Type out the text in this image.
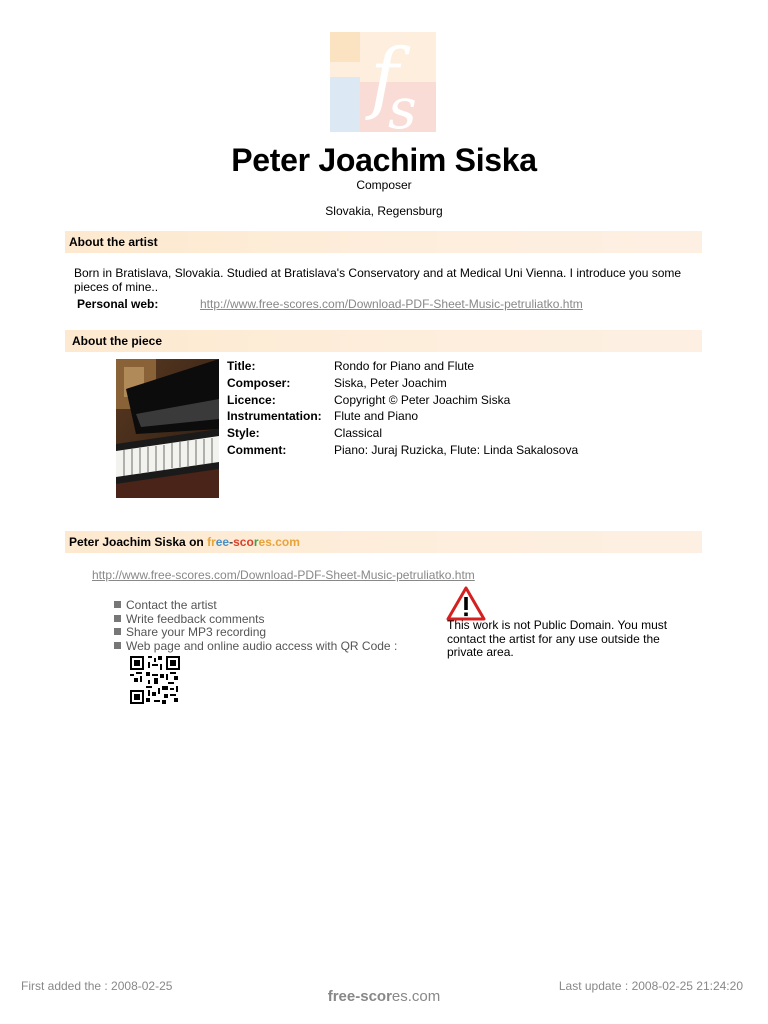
f
s
Peter Joachim Siska
Composer
Slovakia, Regensburg
About the artist
Born in Bratislava, Slovakia. Studied at Bratislava's Conservatory and at Medical Uni Vienna. I introduce you some pieces of mine..
Personal web:	http://www.free-scores.com/Download-PDF-Sheet-Music-petruliatko.htm
About the piece
Title:	Rondo for Piano and Flute
Composer:	Siska, Peter Joachim
Licence:	Copyright © Peter Joachim Siska
Instrumentation: Flute and Piano
Style:	Classical
Comment:	Piano: Juraj Ruzicka, Flute: Linda Sakalosova
Peter Joachim Siska on free-scores.com
http://www.free-scores.com/Download-PDF-Sheet-Music-petruliatko.htm
Contact the artist
Write feedback comments
Share your MP3 recording
Web page and online audio access with QR Code :
This work is not Public Domain. You must contact the artist for any use outside the private area.
First added the : 2008-02-25	Last update : 2008-02-25 21:24:20
free-scores.com
